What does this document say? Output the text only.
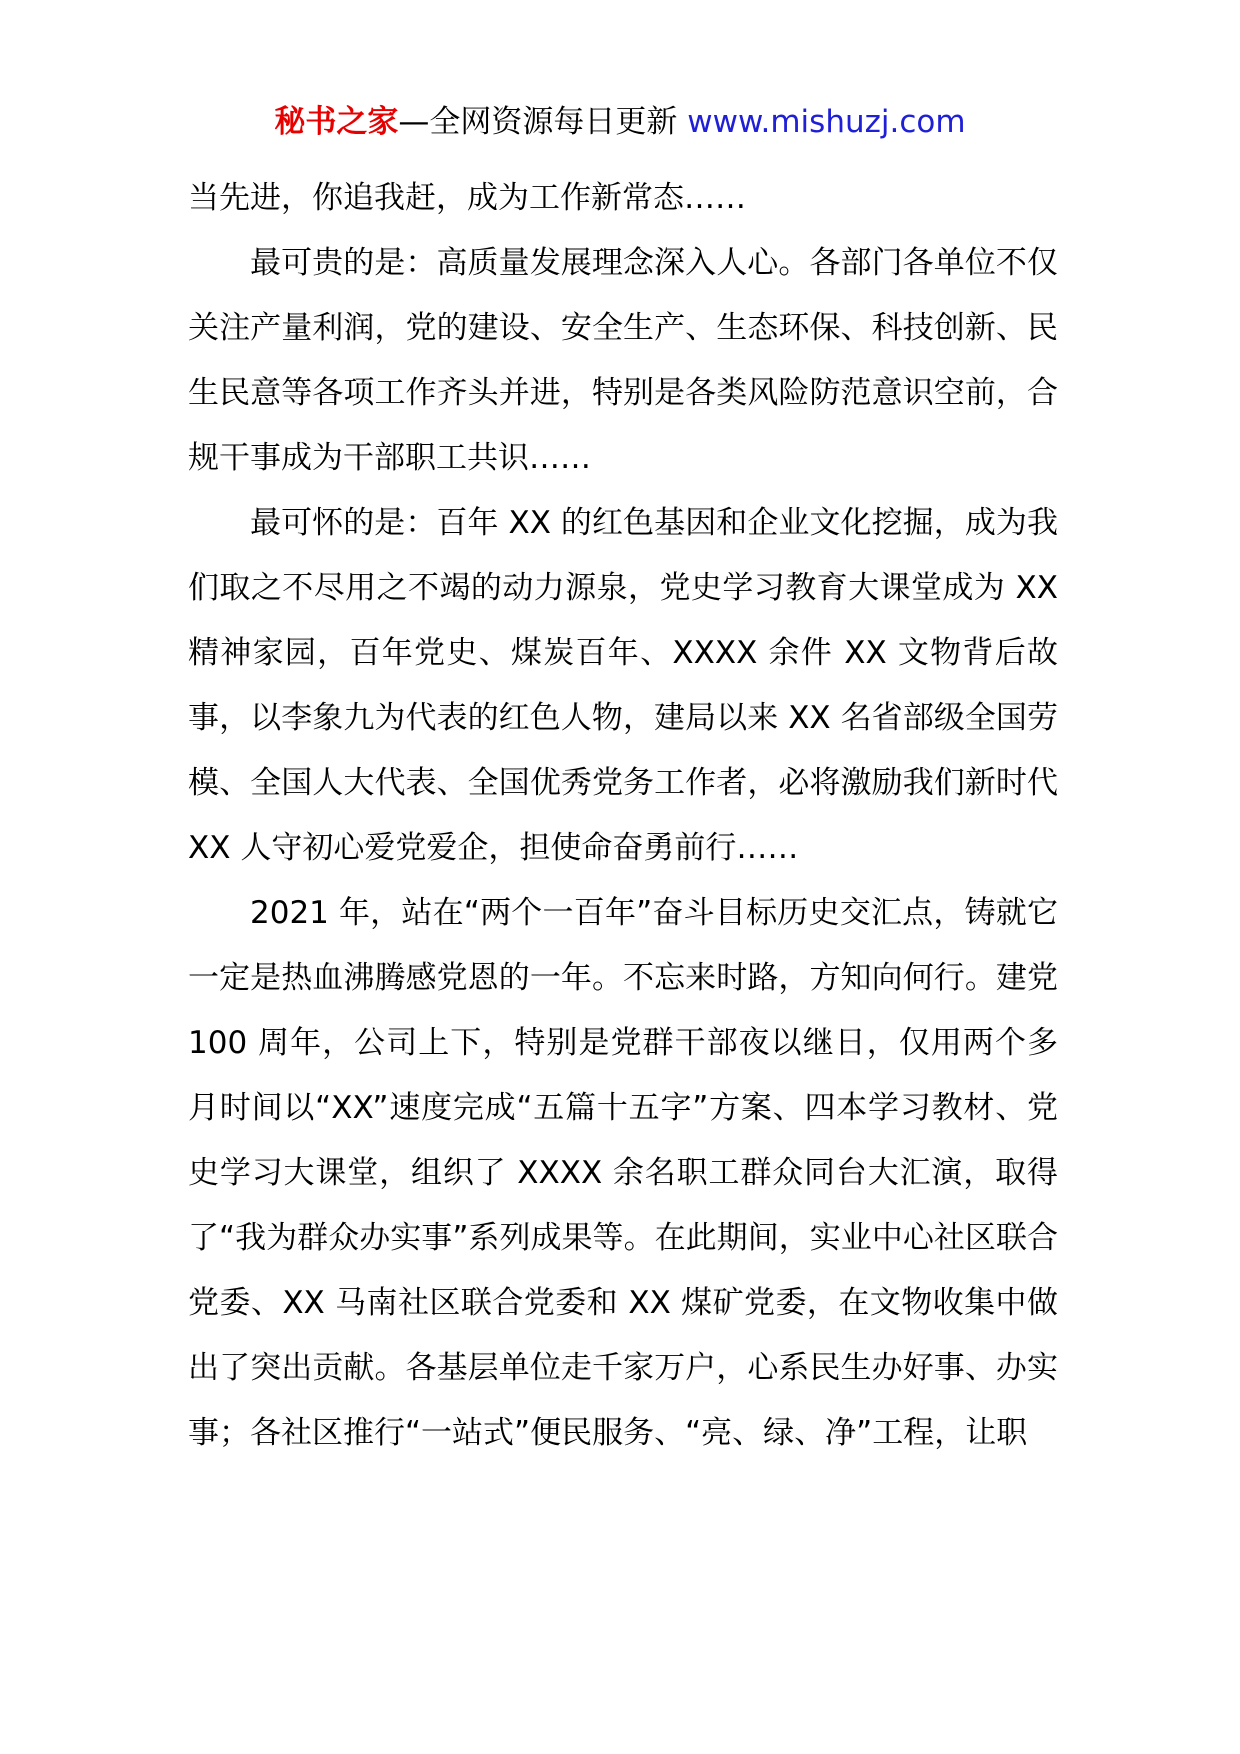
秘书之家—全网资源每日更新 www.mishuzj.com

当先进，你追我赶，成为工作新常态……

最可贵的是：高质量发展理念深入人心。各部门各单位不仅关注产量利润，党的建设、安全生产、生态环保、科技创新、民生民意等各项工作齐头并进，特别是各类风险防范意识空前，合规干事成为干部职工共识……

最可怀的是：百年 XX 的红色基因和企业文化挖掘，成为我们取之不尽用之不竭的动力源泉，党史学习教育大课堂成为 XX 精神家园，百年党史、煤炭百年、XXXX 余件 XX 文物背后故事，以李象九为代表的红色人物，建局以来 XX 名省部级全国劳模、全国人大代表、全国优秀党务工作者，必将激励我们新时代 XX 人守初心爱党爱企，担使命奋勇前行……

2021 年，站在“两个一百年”奋斗目标历史交汇点，铸就它一定是热血沸腾感党恩的一年。不忘来时路，方知向何行。建党 100 周年，公司上下，特别是党群干部夜以继日，仅用两个多月时间以“XX”速度完成“五篇十五字”方案、四本学习教材、党史学习大课堂，组织了 XXXX 余名职工群众同台大汇演，取得了“我为群众办实事”系列成果等。在此期间，实业中心社区联合党委、XX 马南社区联合党委和 XX 煤矿党委，在文物收集中做出了突出贡献。各基层单位走千家万户，心系民生办好事、办实事；各社区推行“一站式”便民服务、“亮、绿、净”工程，让职
